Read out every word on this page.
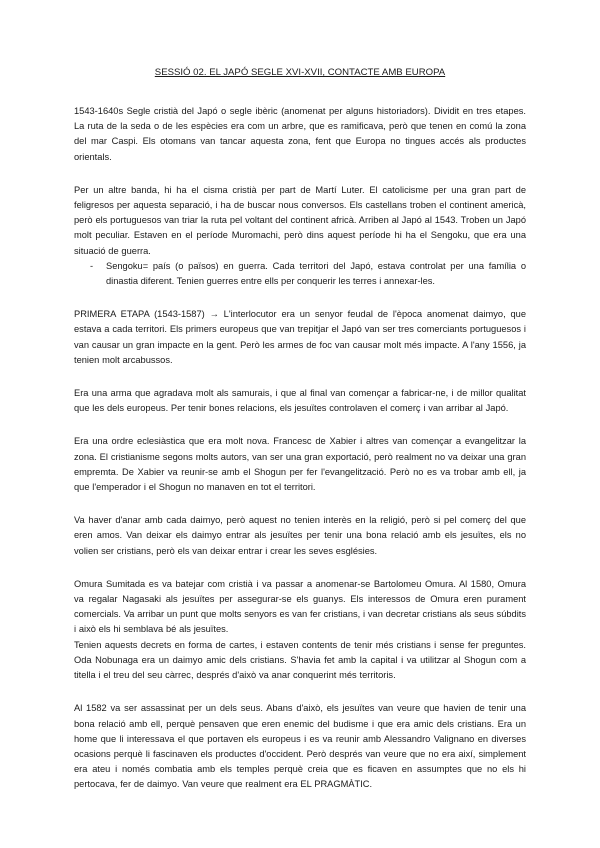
SESSIÓ 02. EL JAPÓ SEGLE XVI-XVII, CONTACTE AMB EUROPA

1543-1640s Segle cristià del Japó o segle ibèric (anomenat per alguns historiadors). Dividit en tres etapes. La ruta de la seda o de les espècies era com un arbre, que es ramificava, però que tenen en comú la zona del mar Caspi. Els otomans van tancar aquesta zona, fent que Europa no tingues accés als productes orientals.

Per un altre banda, hi ha el cisma cristià per part de Martí Luter. El catolicisme per una gran part de feligresos per aquesta separació, i ha de buscar nous conversos. Els castellans troben el continent americà, però els portuguesos van triar la ruta pel voltant del continent africà. Arriben al Japó al 1543. Troben un Japó molt peculiar. Estaven en el període Muromachi, però dins aquest període hi ha el Sengoku, que era una situació de guerra.

-	Sengoku= país (o països) en guerra. Cada territori del Japó, estava controlat per una família o dinastia diferent. Tenien guerres entre ells per conquerir les terres i annexar-les.

PRIMERA ETAPA (1543-1587) → L'interlocutor era un senyor feudal de l'època anomenat daimyo, que estava a cada territori. Els primers europeus que van trepitjar el Japó van ser tres comerciants portuguesos i van causar un gran impacte en la gent. Però les armes de foc van causar molt més impacte. A l'any 1556, ja tenien molt arcabussos.

Era una arma que agradava molt als samurais, i que al final van començar a fabricar-ne, i de millor qualitat que les dels europeus. Per tenir bones relacions, els jesuïtes controlaven el comerç i van arribar al Japó.

Era una ordre eclesiàstica que era molt nova. Francesc de Xabier i altres van començar a evangelitzar la zona. El cristianisme segons molts autors, van ser una gran exportació, però realment no va deixar una gran empremta. De Xabier va reunir-se amb el Shogun per fer l'evangelització. Però no es va trobar amb ell, ja que l'emperador i el Shogun no manaven en tot el territori.

Va haver d'anar amb cada daimyo, però aquest no tenien interès en la religió, però si pel comerç del que eren amos. Van deixar els daimyo entrar als jesuïtes per tenir una bona relació amb els jesuïtes, els no volien ser cristians, però els van deixar entrar i crear les seves esglésies.

Omura Sumitada es va batejar com cristià i va passar a anomenar-se Bartolomeu Omura. Al 1580, Omura va regalar Nagasaki als jesuïtes per assegurar-se els guanys. Els interessos de Omura eren purament comercials. Va arribar un punt que molts senyors es van fer cristians, i van decretar cristians als seus súbdits i això els hi semblava bé als jesuïtes.

Tenien aquests decrets en forma de cartes, i estaven contents de tenir més cristians i sense fer preguntes. Oda Nobunaga era un daimyo amic dels cristians. S'havia fet amb la capital i va utilitzar al Shogun com a titella i el treu del seu càrrec, després d'això va anar conquerint més territoris.

Al 1582 va ser assassinat per un dels seus. Abans d'això, els jesuïtes van veure que havien de tenir una bona relació amb ell, perquè pensaven que eren enemic del budisme i que era amic dels cristians. Era un home que li interessava el que portaven els europeus i es va reunir amb Alessandro Valignano en diverses ocasions perquè li fascinaven els productes d'occident. Però després van veure que no era així, simplement era ateu i només combatia amb els temples perquè creia que es ficaven en assumptes que no els hi pertocava, fer de daimyo. Van veure que realment era EL PRAGMÀTIC.
